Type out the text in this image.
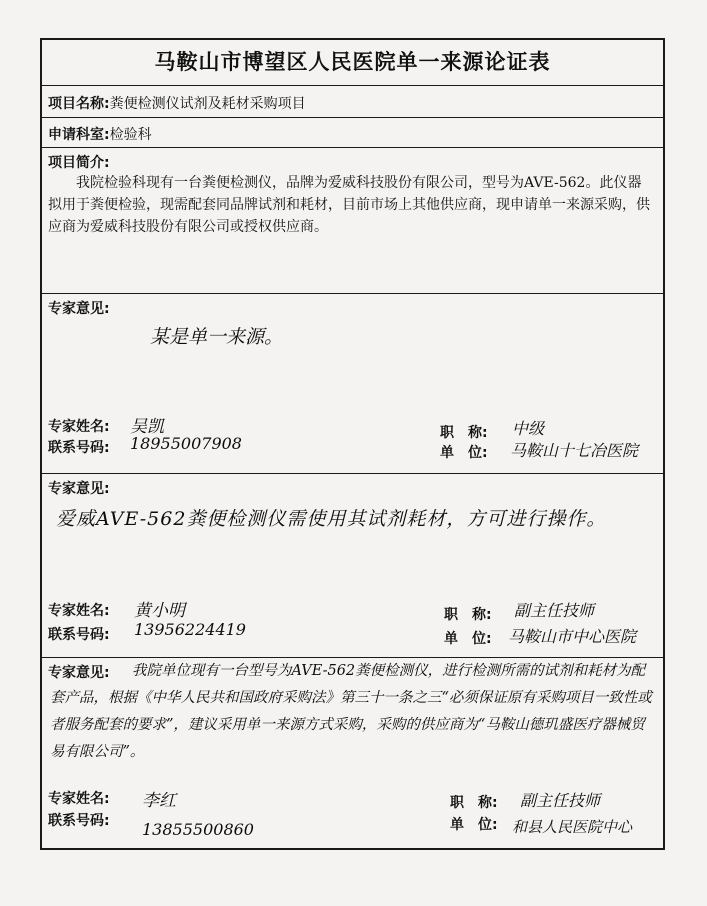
马鞍山市博望区人民医院单一来源论证表
项目名称:粪便检测仪试剂及耗材采购项目
申请科室:检验科
项目简介:
我院检验科现有一台粪便检测仪，品牌为爱威科技股份有限公司，型号为AVE-562。此仪器拟用于粪便检验，现需配套同品牌试剂和耗材，目前市场上其他供应商，现申请单一来源采购，供应商为爱威科技股份有限公司或授权供应商。
专家意见:
某是单一来源。
专家姓名: 吴凯
联系号码: 18955007908
职　称: 中级
单　位: 马鞍山十七冶医院
专家意见:
爱威AVE-562粪便检测仪需使用其试剂耗材，方可进行操作。
专家姓名: 黄小明
联系号码: 13956224419
职　称: 副主任技师
单　位: 马鞍山市中心医院
专家意见:	我院单位现有一台型号为AVE-562粪便检测仪，进行检测所需的试剂和耗材为配套产品，根据《中华人民共和国政府采购法》第三十一条之三“必须保证原有采购项目一致性或者服务配套的要求”，建议采用单一来源方式采购，采购的供应商为“马鞍山德玑盛医疗器械贸易有限公司”。
专家姓名: 李红
联系号码: 13855500860
职　称: 副主任技师
单　位: 和县人民医院中心
